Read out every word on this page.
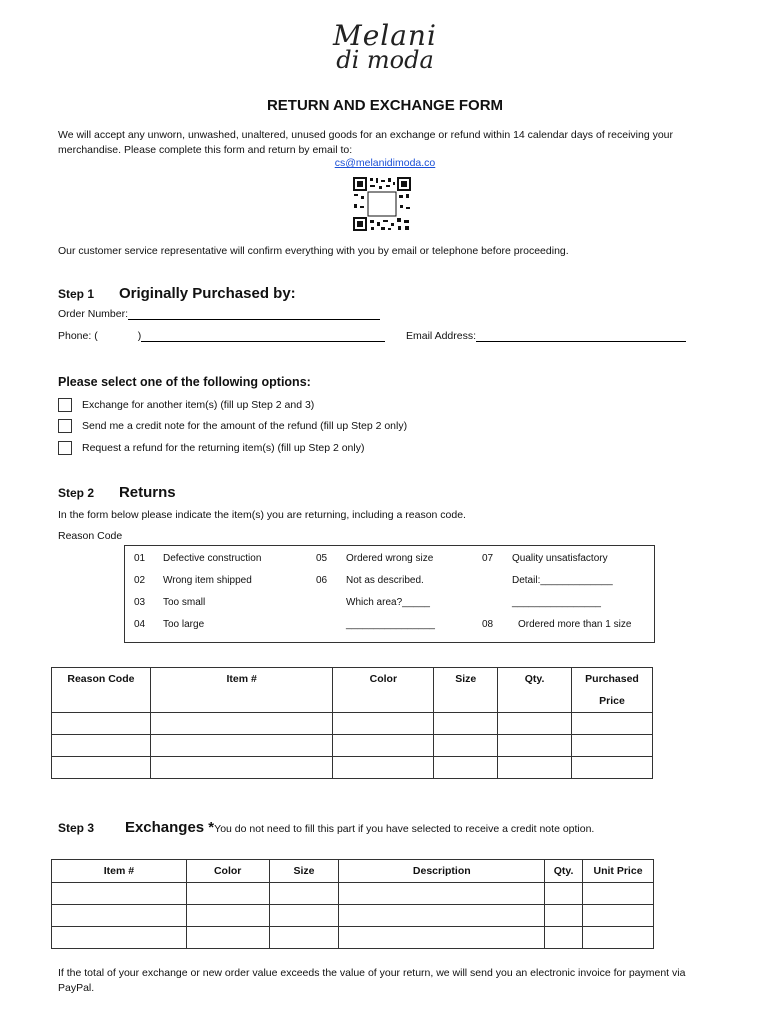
Melani
di moda
RETURN AND EXCHANGE FORM
We will accept any unworn, unwashed, unaltered, unused goods for an exchange or refund within 14 calendar days of receiving your merchandise. Please complete this form and return by email to:
cs@melanidimoda.co
Our customer service representative will confirm everything with you by email or telephone before proceeding.
Step 1 Originally Purchased by:
Order Number:
Phone: (	)	Email Address:
Please select one of the following options:
Exchange for another item(s) (fill up Step 2 and 3)
Send me a credit note for the amount of the refund (fill up Step 2 only)
Request a refund for the returning item(s) (fill up Step 2 only)
Step 2 Returns
In the form below please indicate the item(s) you are returning, including a reason code.
Reason Code
01 Defective construction
02 Wrong item shipped
03 Too small
04 Too large
05 Ordered wrong size
06 Not as described.
Which area?_____
________________
07 Quality unsatisfactory
Detail:_____________
________________
08 Ordered more than 1 size
Reason Code	Item #	Color	Size	Qty.	Purchased
Price

Step 3 Exchanges *You do not need to fill this part if you have selected to receive a credit note option.
Item #	Color	Size	Description	Qty.	Unit Price

If the total of your exchange or new order value exceeds the value of your return, we will send you an electronic invoice for payment via PayPal.
